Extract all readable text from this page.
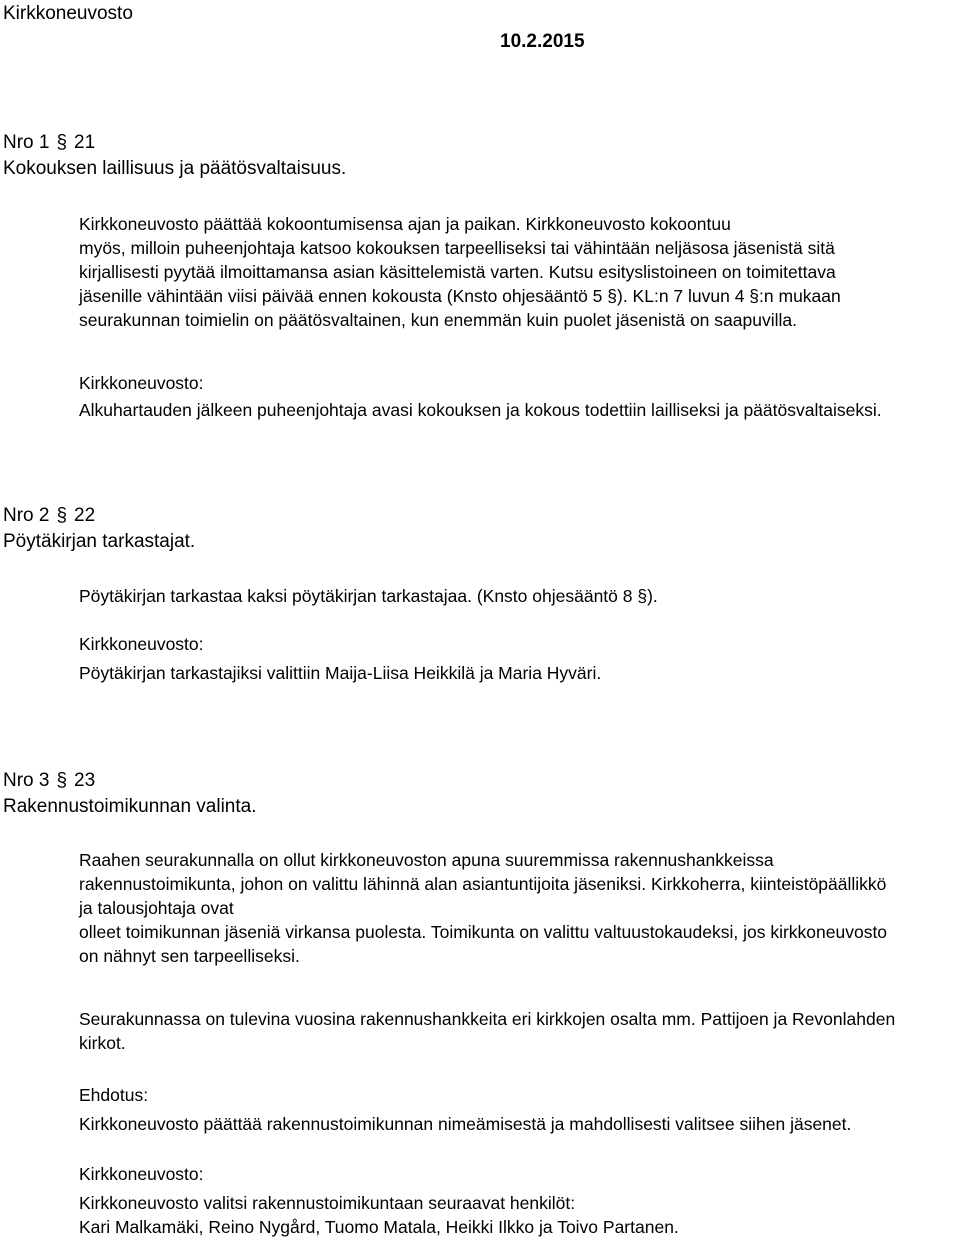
Kirkkoneuvosto
10.2.2015
Nro 1 § 21
Kokouksen laillisuus ja päätösvaltaisuus.
Kirkkoneuvosto päättää kokoontumisensa ajan ja paikan. Kirkkoneuvosto kokoontuu
myös, milloin puheenjohtaja katsoo kokouksen tarpeelliseksi tai vähintään neljäsosa jäsenistä sitä
kirjallisesti pyytää ilmoittamansa asian käsittelemistä varten. Kutsu esityslistoineen on toimitettava
jäsenille vähintään viisi päivää ennen kokousta (Knsto ohjesääntö 5 §). KL:n 7 luvun 4 §:n mukaan
seurakunnan toimielin on päätösvaltainen, kun enemmän kuin puolet jäsenistä on saapuvilla.
Kirkkoneuvosto:
Alkuhartauden jälkeen puheenjohtaja avasi kokouksen ja kokous todettiin lailliseksi ja päätösvaltaiseksi.
Nro 2 § 22
Pöytäkirjan tarkastajat.
Pöytäkirjan tarkastaa kaksi pöytäkirjan tarkastajaa. (Knsto ohjesääntö 8 §).
Kirkkoneuvosto:
Pöytäkirjan tarkastajiksi valittiin Maija-Liisa Heikkilä ja Maria Hyväri.
Nro 3 § 23
Rakennustoimikunnan valinta.
Raahen seurakunnalla on ollut kirkkoneuvoston apuna suuremmissa rakennushankkeissa
rakennustoimikunta, johon on valittu lähinnä alan asiantuntijoita jäseniksi. Kirkkoherra, kiinteistöpäällikkö
ja talousjohtaja ovat
olleet toimikunnan jäseniä virkansa puolesta. Toimikunta on valittu valtuustokaudeksi, jos kirkkoneuvosto
on nähnyt sen tarpeelliseksi.
Seurakunnassa on tulevina vuosina rakennushankkeita eri kirkkojen osalta mm. Pattijoen ja Revonlahden
kirkot.
Ehdotus:
Kirkkoneuvosto päättää rakennustoimikunnan nimeämisestä ja mahdollisesti valitsee siihen jäsenet.
Kirkkoneuvosto:
Kirkkoneuvosto valitsi rakennustoimikuntaan seuraavat henkilöt:
Kari Malkamäki, Reino Nygård, Tuomo Matala, Heikki Ilkko ja Toivo Partanen.
